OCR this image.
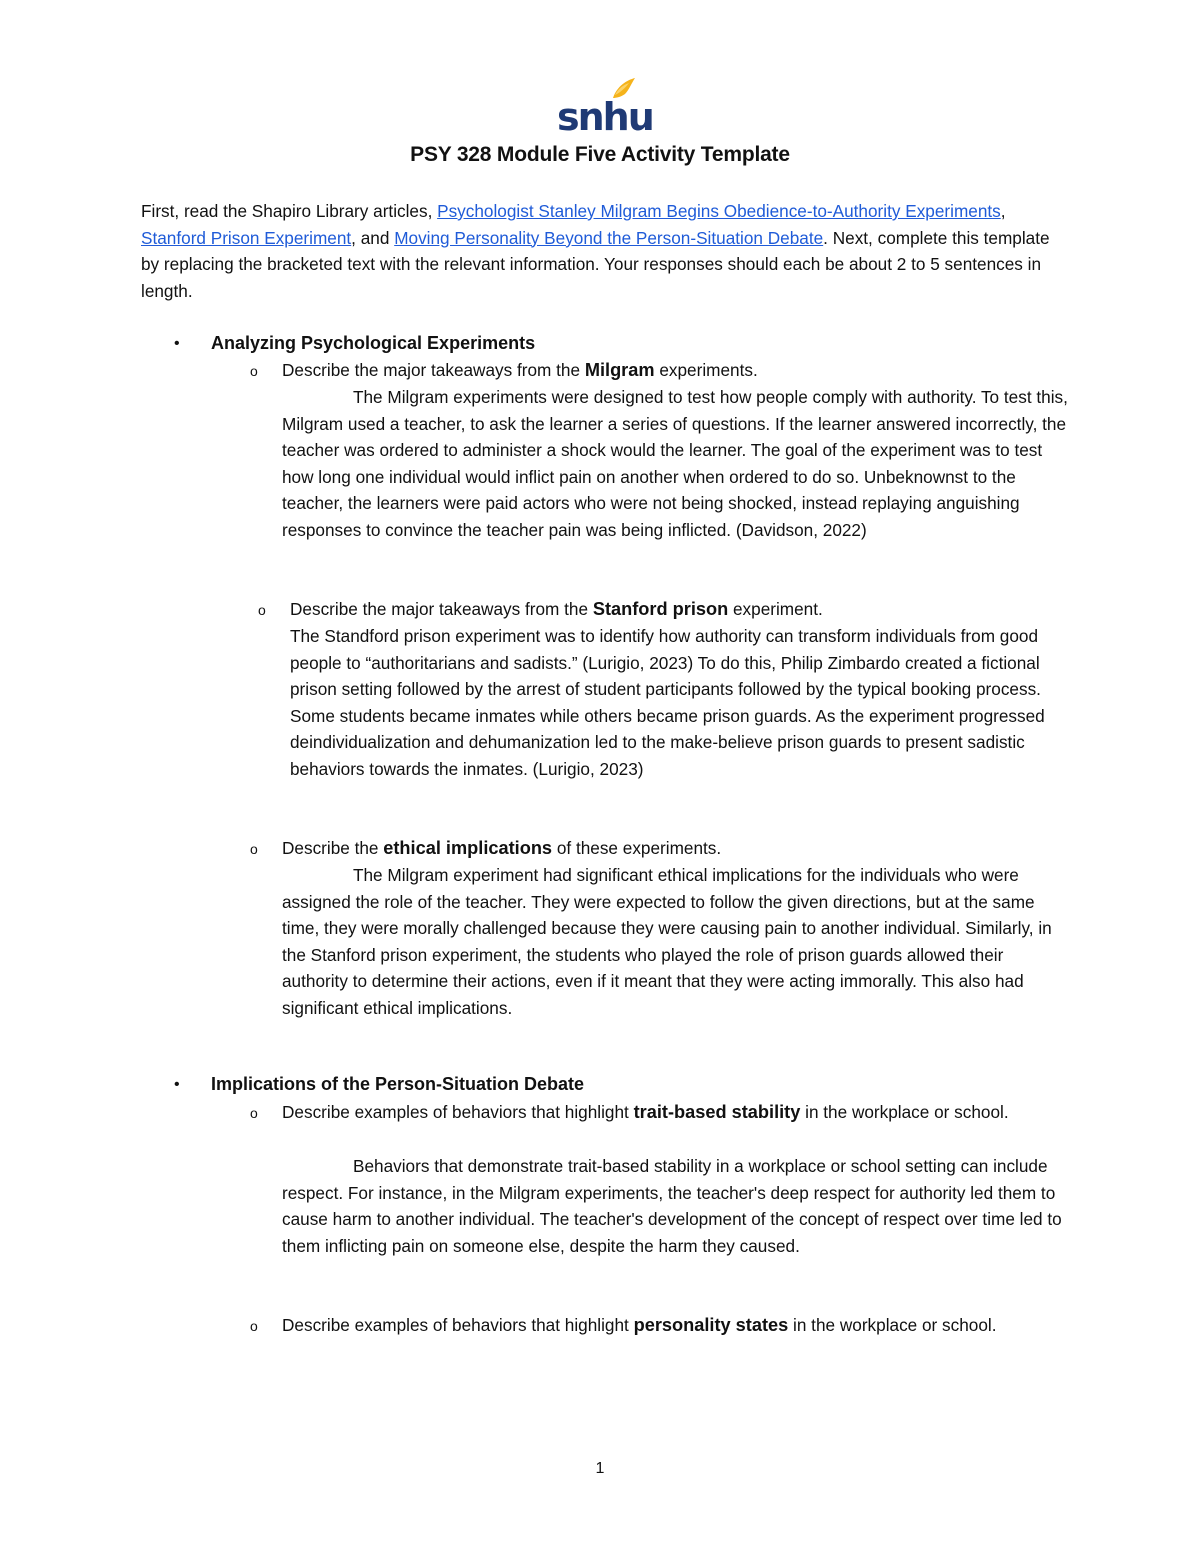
snhu
PSY 328 Module Five Activity Template
First, read the Shapiro Library articles, Psychologist Stanley Milgram Begins Obedience-to-Authority Experiments, Stanford Prison Experiment, and Moving Personality Beyond the Person-Situation Debate. Next, complete this template by replacing the bracketed text with the relevant information. Your responses should each be about 2 to 5 sentences in length.
• Analyzing Psychological Experiments
o Describe the major takeaways from the Milgram experiments.
The Milgram experiments were designed to test how people comply with authority. To test this, Milgram used a teacher, to ask the learner a series of questions. If the learner answered incorrectly, the teacher was ordered to administer a shock would the learner. The goal of the experiment was to test how long one individual would inflict pain on another when ordered to do so. Unbeknownst to the teacher, the learners were paid actors who were not being shocked, instead replaying anguishing responses to convince the teacher pain was being inflicted. (Davidson, 2022)
o Describe the major takeaways from the Stanford prison experiment.
The Standford prison experiment was to identify how authority can transform individuals from good people to “authoritarians and sadists.” (Lurigio, 2023) To do this, Philip Zimbardo created a fictional prison setting followed by the arrest of student participants followed by the typical booking process. Some students became inmates while others became prison guards. As the experiment progressed deindividualization and dehumanization led to the make-believe prison guards to present sadistic behaviors towards the inmates. (Lurigio, 2023)
o Describe the ethical implications of these experiments.
The Milgram experiment had significant ethical implications for the individuals who were assigned the role of the teacher. They were expected to follow the given directions, but at the same time, they were morally challenged because they were causing pain to another individual. Similarly, in the Stanford prison experiment, the students who played the role of prison guards allowed their authority to determine their actions, even if it meant that they were acting immorally. This also had significant ethical implications.
• Implications of the Person-Situation Debate
o Describe examples of behaviors that highlight trait-based stability in the workplace or school.
Behaviors that demonstrate trait-based stability in a workplace or school setting can include respect. For instance, in the Milgram experiments, the teacher's deep respect for authority led them to cause harm to another individual. The teacher's development of the concept of respect over time led to them inflicting pain on someone else, despite the harm they caused.
o Describe examples of behaviors that highlight personality states in the workplace or school.
1
